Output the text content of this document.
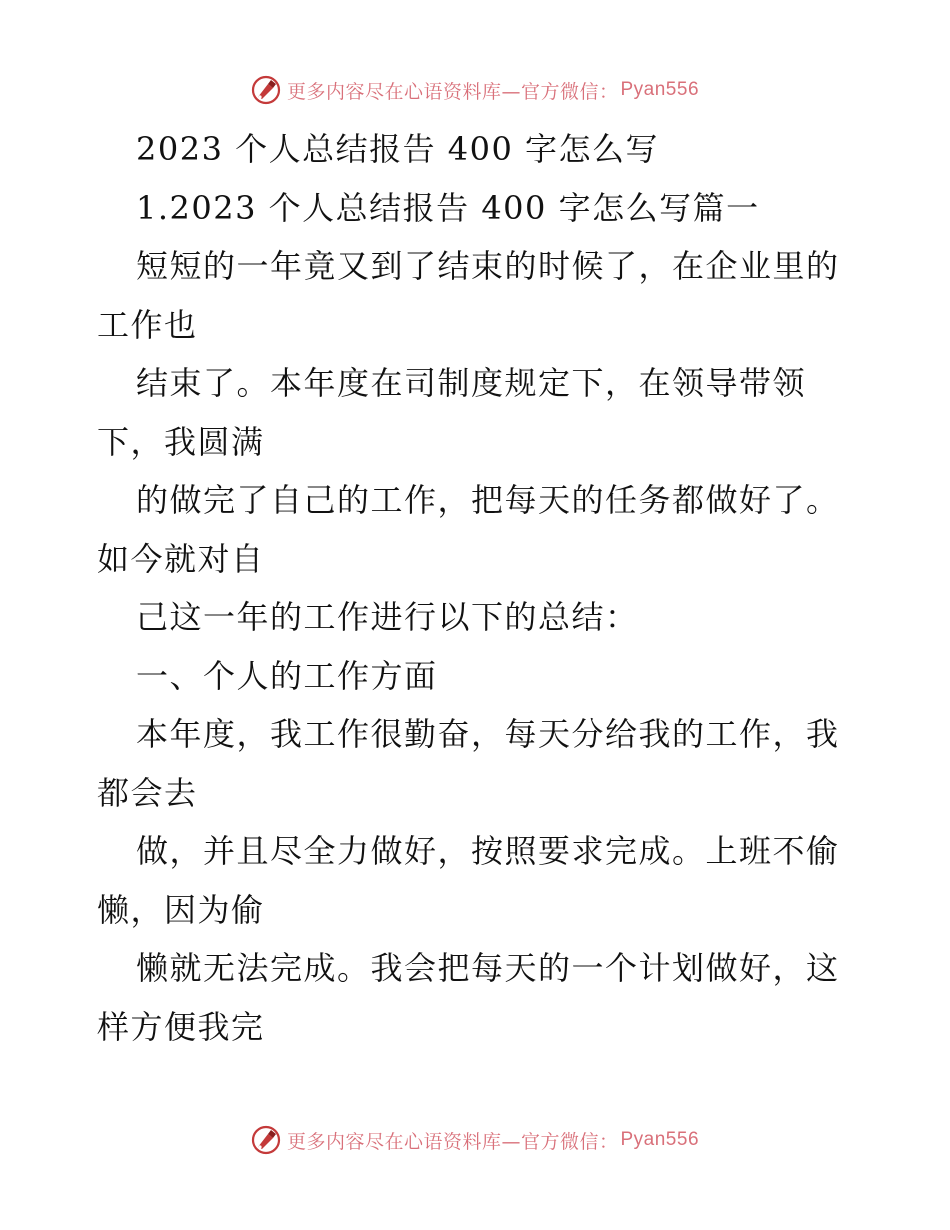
更多内容尽在心语资料库—官方微信： Pyan556
2023 个人总结报告 400 字怎么写
1.2023 个人总结报告 400 字怎么写篇一
短短的一年竟又到了结束的时候了，在企业里的
工作也
结束了。本年度在司制度规定下，在领导带领
下，我圆满
的做完了自己的工作，把每天的任务都做好了。
如今就对自
己这一年的工作进行以下的总结：
一、个人的工作方面
本年度，我工作很勤奋，每天分给我的工作，我
都会去
做，并且尽全力做好，按照要求完成。上班不偷
懒，因为偷
懒就无法完成。我会把每天的一个计划做好，这
样方便我完
更多内容尽在心语资料库—官方微信： Pyan556
